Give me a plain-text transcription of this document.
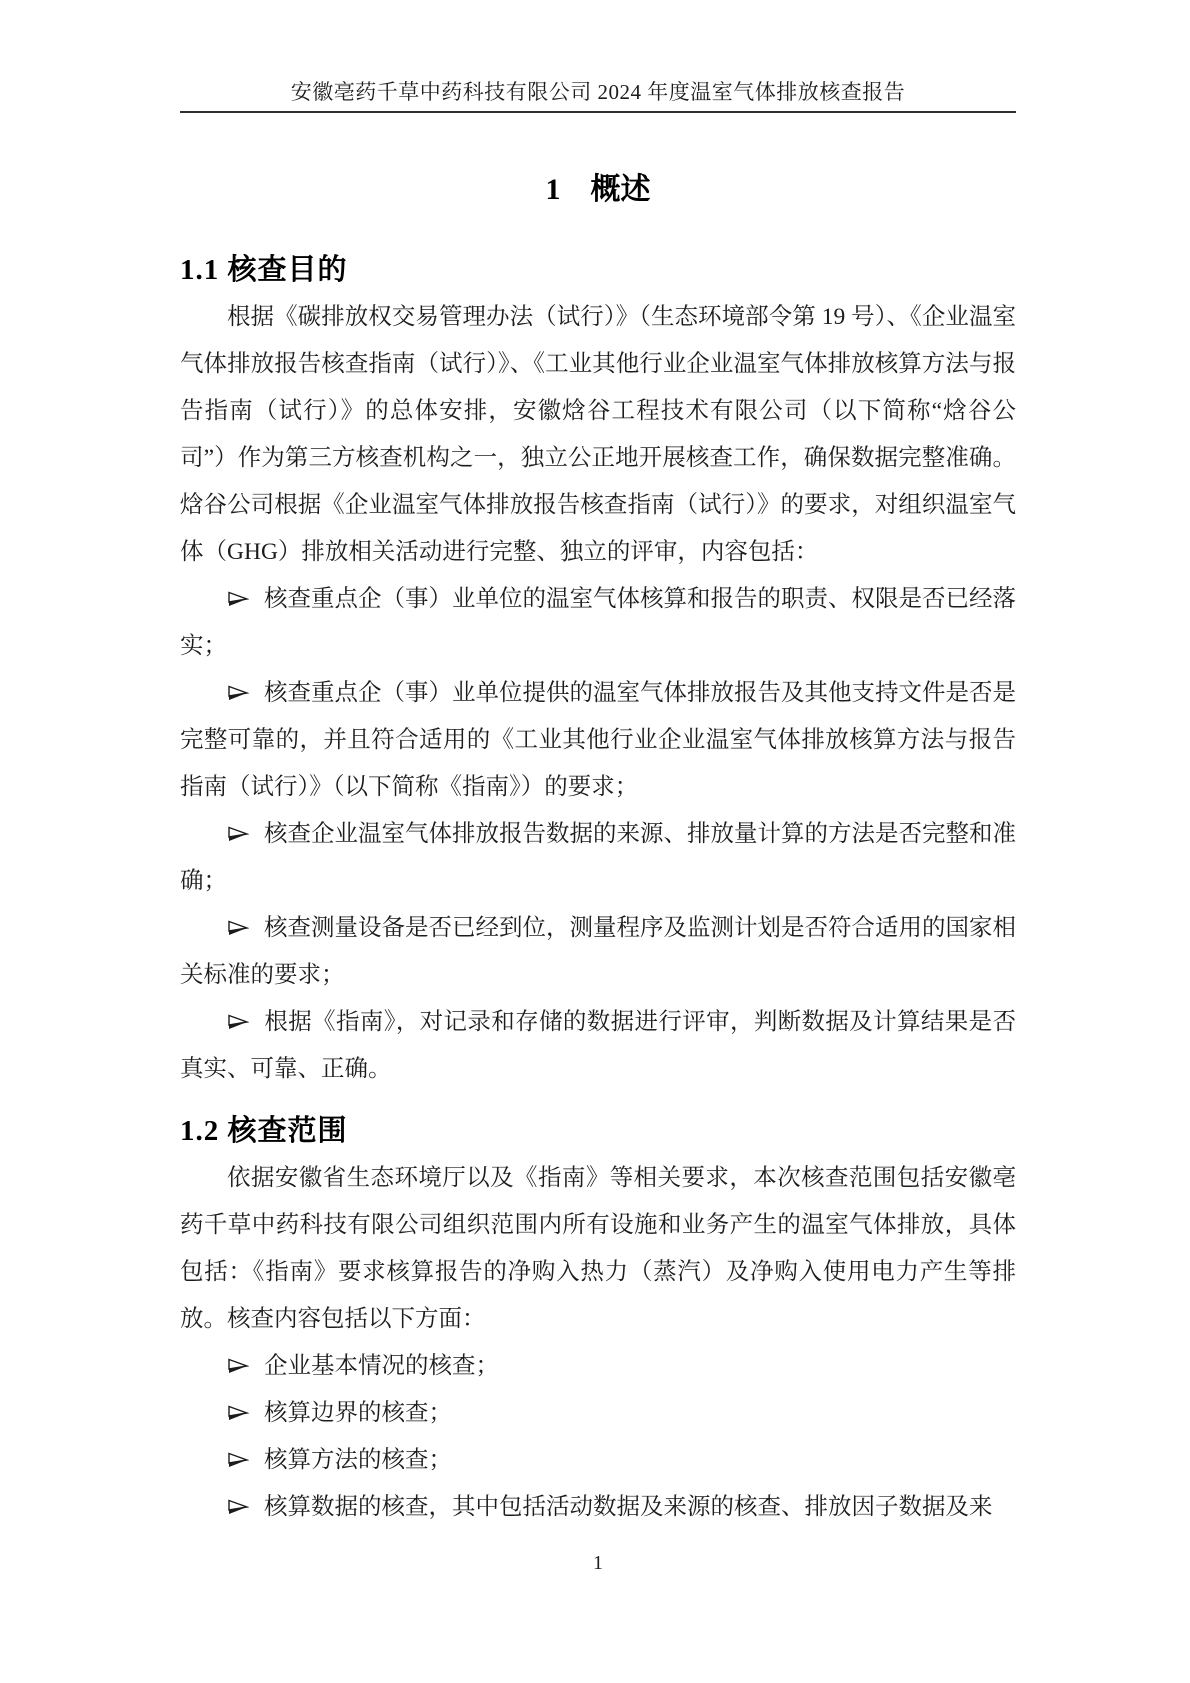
安徽亳药千草中药科技有限公司 2024 年度温室气体排放核查报告
1　概述
1.1 核查目的

根据《碳排放权交易管理办法（试行）》（生态环境部令第 19 号）、《企业温室气体排放报告核查指南（试行）》、《工业其他行业企业温室气体排放核算方法与报告指南（试行）》的总体安排，安徽焓谷工程技术有限公司（以下简称“焓谷公司”）作为第三方核查机构之一，独立公正地开展核查工作，确保数据完整准确。焓谷公司根据《企业温室气体排放报告核查指南（试行）》的要求，对组织温室气体（GHG）排放相关活动进行完整、独立的评审，内容包括：

核查重点企（事）业单位的温室气体核算和报告的职责、权限是否已经落实；

核查重点企（事）业单位提供的温室气体排放报告及其他支持文件是否是完整可靠的，并且符合适用的《工业其他行业企业温室气体排放核算方法与报告指南（试行）》（以下简称《指南》）的要求；

核查企业温室气体排放报告数据的来源、排放量计算的方法是否完整和准确；

核查测量设备是否已经到位，测量程序及监测计划是否符合适用的国家相关标准的要求；

根据《指南》，对记录和存储的数据进行评审，判断数据及计算结果是否真实、可靠、正确。

1.2 核查范围

依据安徽省生态环境厅以及《指南》等相关要求，本次核查范围包括安徽亳药千草中药科技有限公司组织范围内所有设施和业务产生的温室气体排放，具体包括：《指南》要求核算报告的净购入热力（蒸汽）及净购入使用电力产生等排放。核查内容包括以下方面：

企业基本情况的核查；

核算边界的核查；

核算方法的核查；

核算数据的核查，其中包括活动数据及来源的核查、排放因子数据及来

1
